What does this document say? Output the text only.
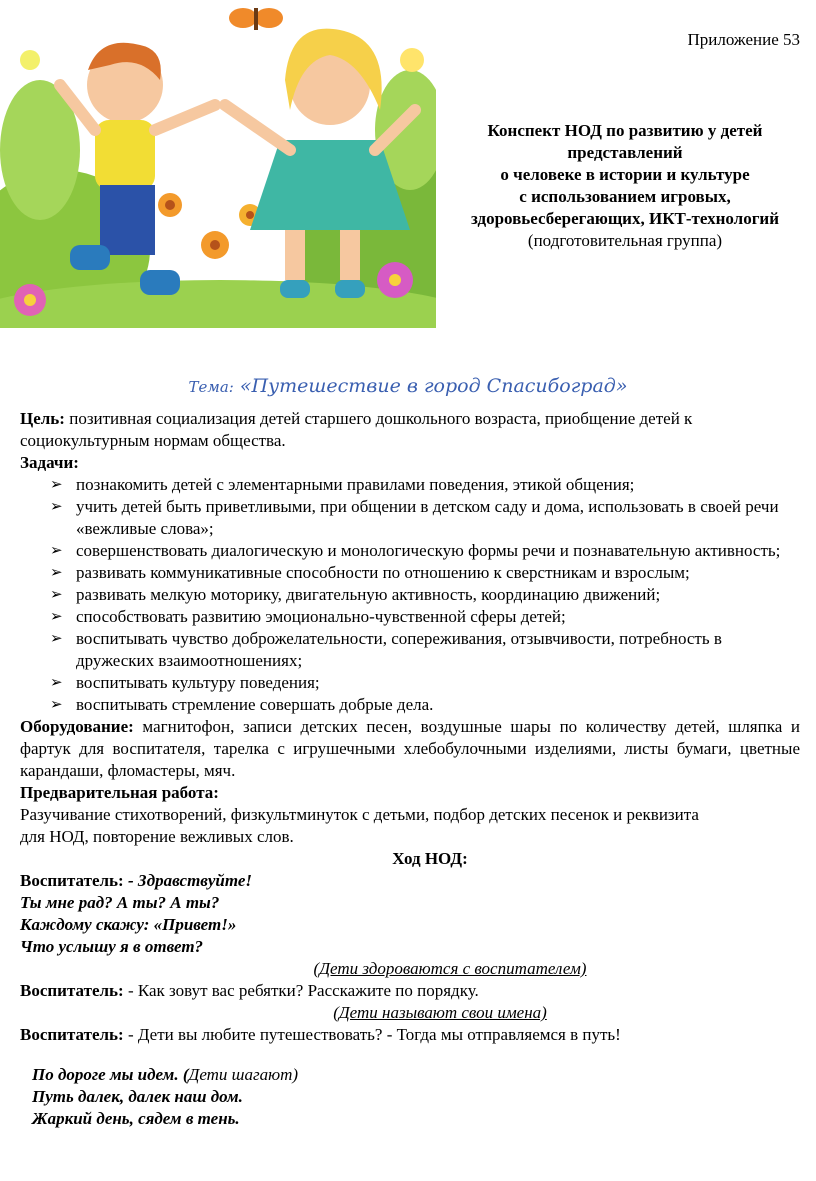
Приложение 53
Конспект НОД по развитию у детей
представлений
о человеке в истории и культуре
с использованием игровых,
здоровьесберегающих, ИКТ-технологий
(подготовительная группа)
Тема: «Путешествие в город Спасибоград»

Цель: позитивная социализация детей старшего дошкольного возраста, приобщение детей к социокультурным нормам общества.

Задачи:

➢ познакомить детей с элементарными правилами поведения, этикой общения;
➢ учить детей быть приветливыми, при общении в детском саду и дома, использовать в своей речи «вежливые слова»;
➢ совершенствовать диалогическую и монологическую формы речи и познавательную активность;
➢ развивать коммуникативные способности по отношению к сверстникам и взрослым;
➢ развивать мелкую моторику, двигательную активность, координацию движений;
➢ способствовать развитию эмоционально-чувственной сферы детей;
➢ воспитывать чувство доброжелательности, сопереживания, отзывчивости, потребность в дружеских взаимоотношениях;
➢ воспитывать культуру поведения;
➢ воспитывать стремление совершать добрые дела.

Оборудование: магнитофон, записи детских песен, воздушные шары по количеству детей, шляпка и фартук для воспитателя, тарелка с игрушечными хлебобулочными изделиями, листы бумаги, цветные карандаши, фломастеры, мяч.

Предварительная работа:

Разучивание стихотворений, физкультминуток с детьми, подбор детских песенок и реквизита для НОД, повторение вежливых слов.

Ход НОД:

Воспитатель: - Здравствуйте!

Ты мне рад? А ты? А ты?

Каждому скажу: «Привет!»

Что услышу я в ответ?

(Дети здороваются с воспитателем)

Воспитатель: - Как зовут вас ребятки? Расскажите по порядку.

(Дети называют свои имена)

Воспитатель: - Дети вы любите путешествовать? - Тогда мы отправляемся в путь!

По дороге мы идем. (Дети шагают)

Путь далек, далек наш дом.

Жаркий день, сядем в тень.
